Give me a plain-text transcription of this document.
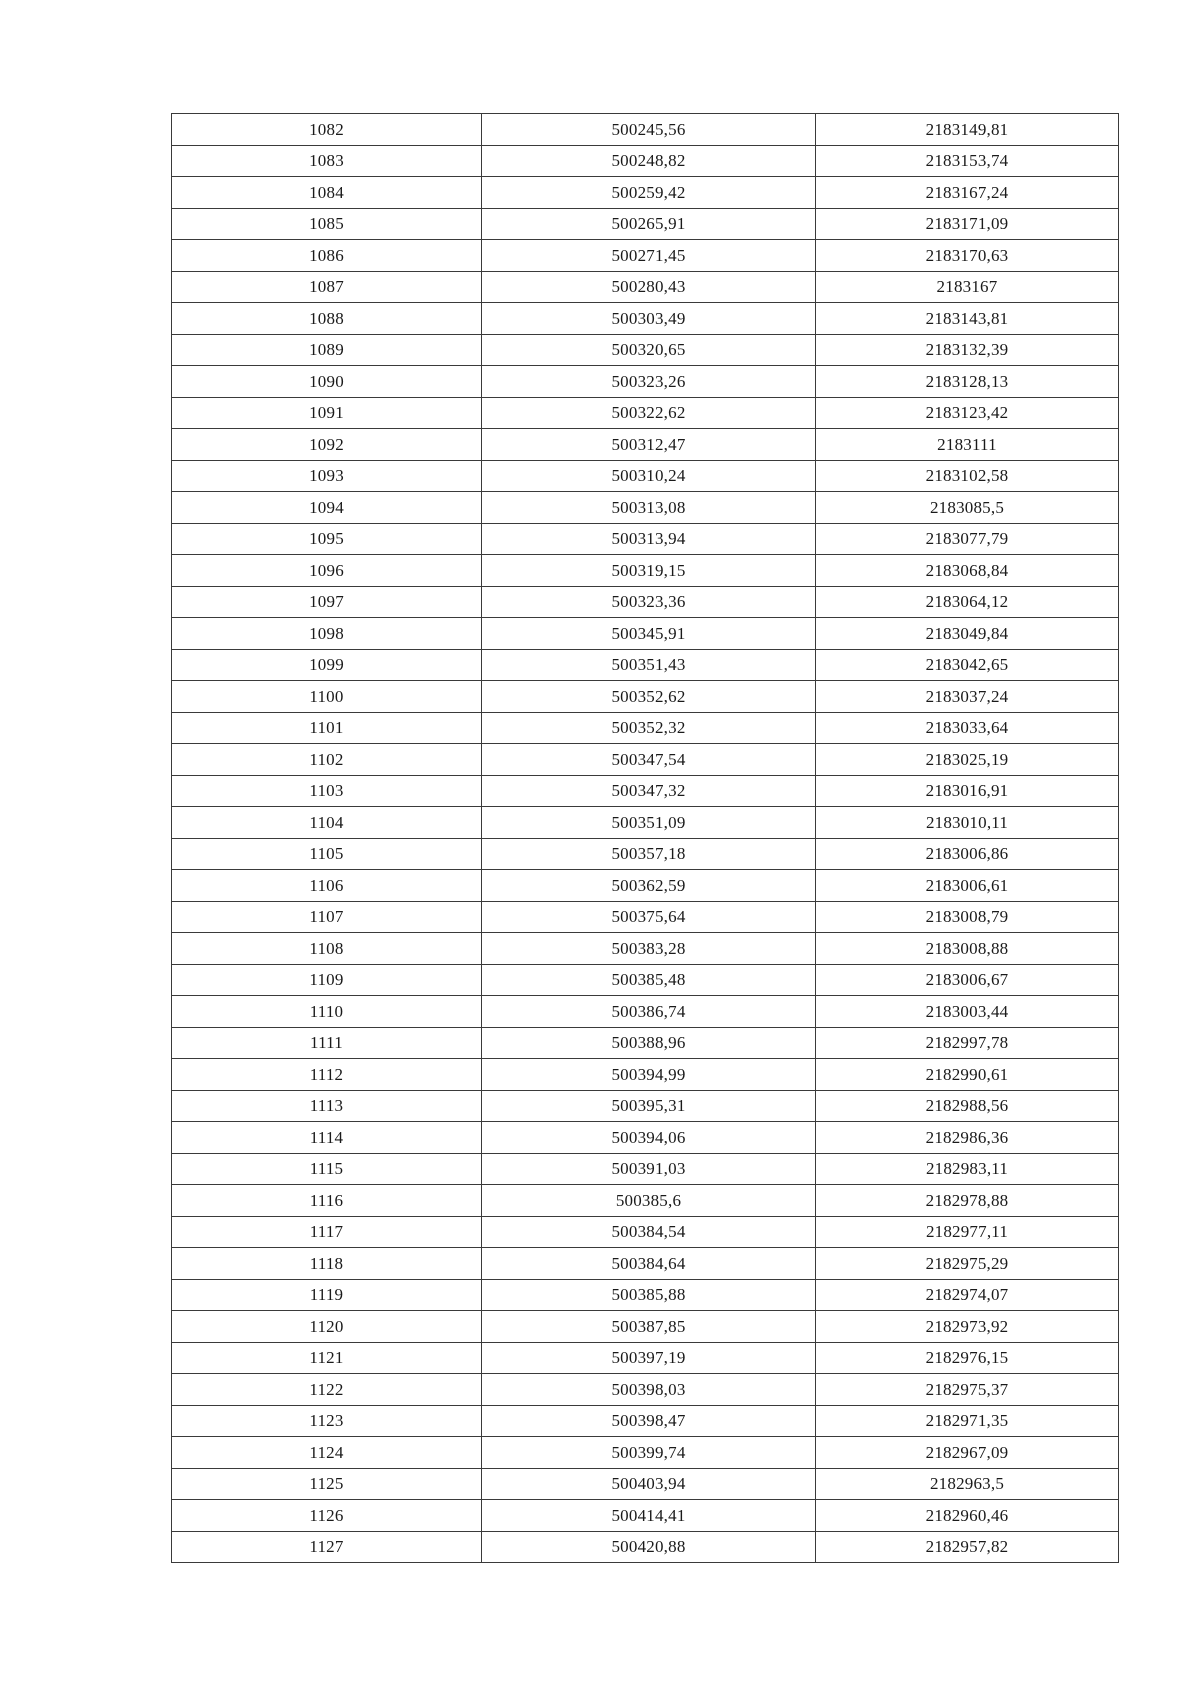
1082	500245,56	2183149,81
1083	500248,82	2183153,74
1084	500259,42	2183167,24
1085	500265,91	2183171,09
1086	500271,45	2183170,63
1087	500280,43	2183167
1088	500303,49	2183143,81
1089	500320,65	2183132,39
1090	500323,26	2183128,13
1091	500322,62	2183123,42
1092	500312,47	2183111
1093	500310,24	2183102,58
1094	500313,08	2183085,5
1095	500313,94	2183077,79
1096	500319,15	2183068,84
1097	500323,36	2183064,12
1098	500345,91	2183049,84
1099	500351,43	2183042,65
1100	500352,62	2183037,24
1101	500352,32	2183033,64
1102	500347,54	2183025,19
1103	500347,32	2183016,91
1104	500351,09	2183010,11
1105	500357,18	2183006,86
1106	500362,59	2183006,61
1107	500375,64	2183008,79
1108	500383,28	2183008,88
1109	500385,48	2183006,67
1110	500386,74	2183003,44
1111	500388,96	2182997,78
1112	500394,99	2182990,61
1113	500395,31	2182988,56
1114	500394,06	2182986,36
1115	500391,03	2182983,11
1116	500385,6	2182978,88
1117	500384,54	2182977,11
1118	500384,64	2182975,29
1119	500385,88	2182974,07
1120	500387,85	2182973,92
1121	500397,19	2182976,15
1122	500398,03	2182975,37
1123	500398,47	2182971,35
1124	500399,74	2182967,09
1125	500403,94	2182963,5
1126	500414,41	2182960,46
1127	500420,88	2182957,82
